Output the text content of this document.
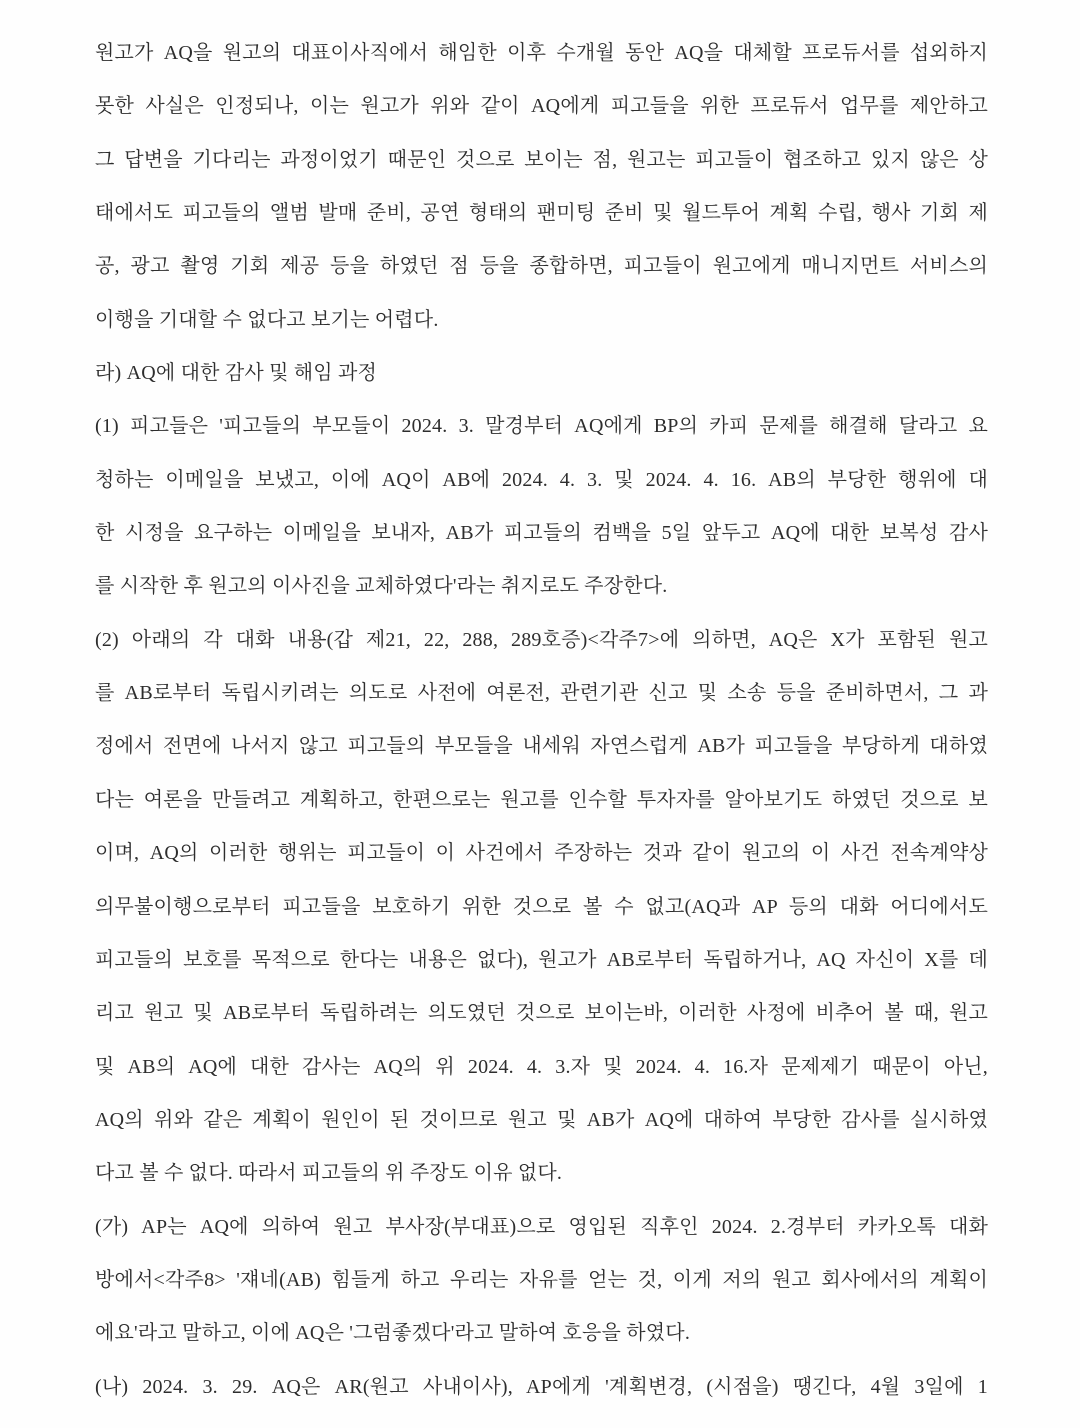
원고가 AQ을 원고의 대표이사직에서 해임한 이후 수개월 동안 AQ을 대체할 프로듀서를 섭외하지
못한 사실은 인정되나, 이는 원고가 위와 같이 AQ에게 피고들을 위한 프로듀서 업무를 제안하고
그 답변을 기다리는 과정이었기 때문인 것으로 보이는 점, 원고는 피고들이 협조하고 있지 않은 상
태에서도 피고들의 앨범 발매 준비, 공연 형태의 팬미팅 준비 및 월드투어 계획 수립, 행사 기회 제
공, 광고 촬영 기회 제공 등을 하였던 점 등을 종합하면, 피고들이 원고에게 매니지먼트 서비스의
이행을 기대할 수 없다고 보기는 어렵다.
라) AQ에 대한 감사 및 해임 과정
(1) 피고들은 '피고들의 부모들이 2024. 3. 말경부터 AQ에게 BP의 카피 문제를 해결해 달라고 요
청하는 이메일을 보냈고, 이에 AQ이 AB에 2024. 4. 3. 및 2024. 4. 16. AB의 부당한 행위에 대
한 시정을 요구하는 이메일을 보내자, AB가 피고들의 컴백을 5일 앞두고 AQ에 대한 보복성 감사
를 시작한 후 원고의 이사진을 교체하였다'라는 취지로도 주장한다.
(2) 아래의 각 대화 내용(갑 제21, 22, 288, 289호증)<각주7>에 의하면, AQ은 X가 포함된 원고
를 AB로부터 독립시키려는 의도로 사전에 여론전, 관련기관 신고 및 소송 등을 준비하면서, 그 과
정에서 전면에 나서지 않고 피고들의 부모들을 내세워 자연스럽게 AB가 피고들을 부당하게 대하였
다는 여론을 만들려고 계획하고, 한편으로는 원고를 인수할 투자자를 알아보기도 하였던 것으로 보
이며, AQ의 이러한 행위는 피고들이 이 사건에서 주장하는 것과 같이 원고의 이 사건 전속계약상
의무불이행으로부터 피고들을 보호하기 위한 것으로 볼 수 없고(AQ과 AP 등의 대화 어디에서도
피고들의 보호를 목적으로 한다는 내용은 없다), 원고가 AB로부터 독립하거나, AQ 자신이 X를 데
리고 원고 및 AB로부터 독립하려는 의도였던 것으로 보이는바, 이러한 사정에 비추어 볼 때, 원고
및 AB의 AQ에 대한 감사는 AQ의 위 2024. 4. 3.자 및 2024. 4. 16.자 문제제기 때문이 아닌,
AQ의 위와 같은 계획이 원인이 된 것이므로 원고 및 AB가 AQ에 대하여 부당한 감사를 실시하였
다고 볼 수 없다. 따라서 피고들의 위 주장도 이유 없다.
(가) AP는 AQ에 의하여 원고 부사장(부대표)으로 영입된 직후인 2024. 2.경부터 카카오톡 대화
방에서<각주8> '쟤네(AB) 힘들게 하고 우리는 자유를 얻는 것, 이게 저의 원고 회사에서의 계획이
에요'라고 말하고, 이에 AQ은 '그럼좋겠다'라고 말하여 호응을 하였다.
(나) 2024. 3. 29. AQ은 AR(원고 사내이사), AP에게 '계획변경, (시점을) 땡긴다, 4월 3일에 1
